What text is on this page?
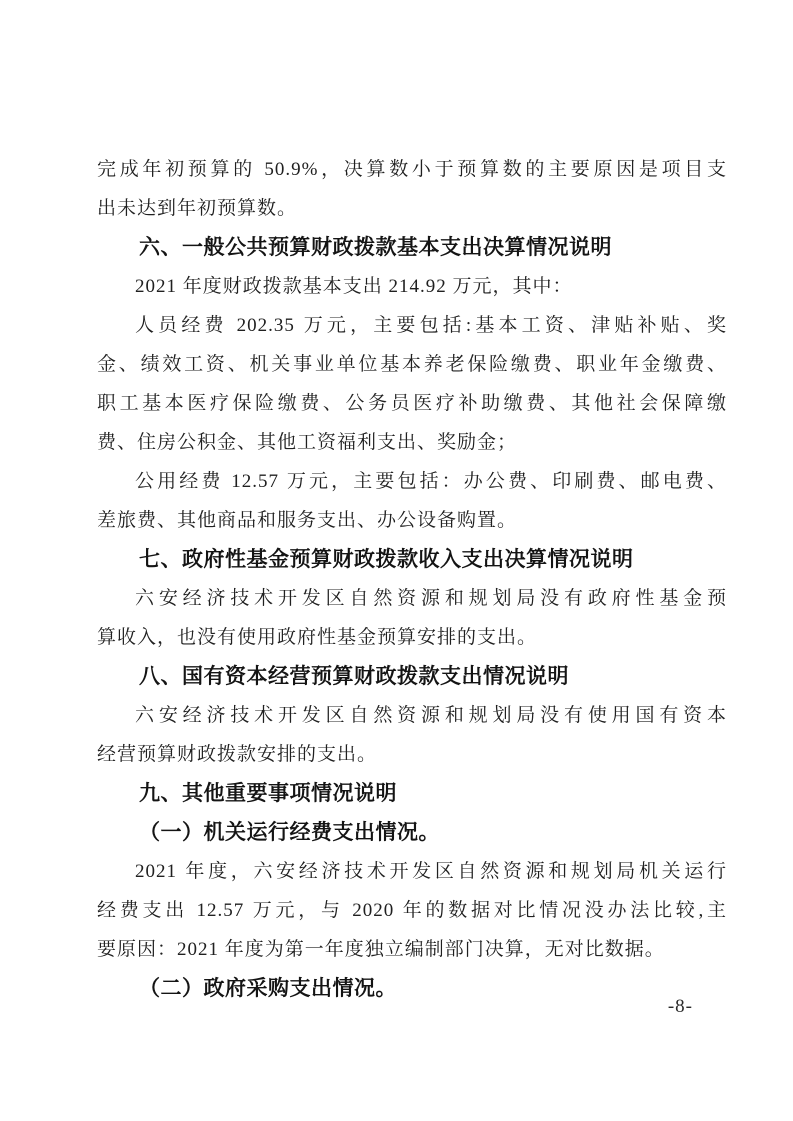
完成年初预算的 50.9%，决算数小于预算数的主要原因是项目支
出未达到年初预算数。
六、一般公共预算财政拨款基本支出决算情况说明
2021 年度财政拨款基本支出 214.92 万元，其中：
人员经费 202.35 万元，主要包括:基本工资、津贴补贴、奖
金、绩效工资、机关事业单位基本养老保险缴费、职业年金缴费、
职工基本医疗保险缴费、公务员医疗补助缴费、其他社会保障缴
费、住房公积金、其他工资福利支出、奖励金；
公用经费 12.57 万元，主要包括：办公费、印刷费、邮电费、
差旅费、其他商品和服务支出、办公设备购置。
七、政府性基金预算财政拨款收入支出决算情况说明
六安经济技术开发区自然资源和规划局没有政府性基金预
算收入，也没有使用政府性基金预算安排的支出。
八、国有资本经营预算财政拨款支出情况说明
六安经济技术开发区自然资源和规划局没有使用国有资本
经营预算财政拨款安排的支出。
九、其他重要事项情况说明
（一）机关运行经费支出情况。
2021 年度，六安经济技术开发区自然资源和规划局机关运行
经费支出 12.57 万元，与 2020 年的数据对比情况没办法比较,主
要原因：2021 年度为第一年度独立编制部门决算，无对比数据。
（二）政府采购支出情况。
-8-
